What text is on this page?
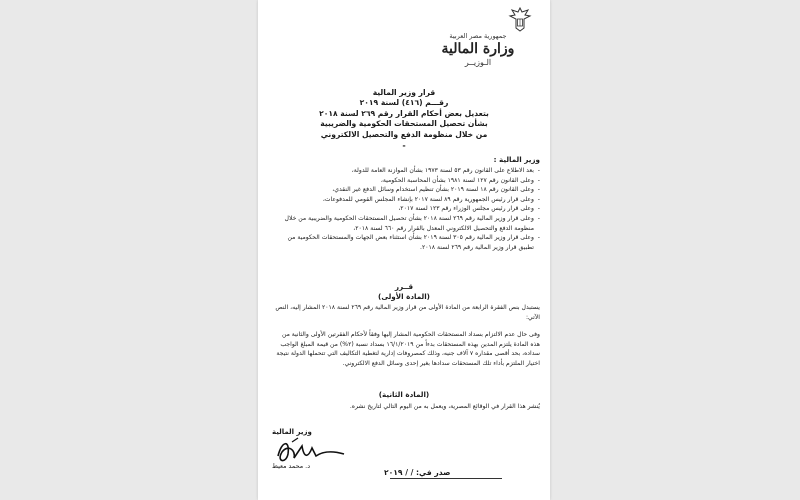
جمهورية مصر العربية
وزارة المالية
الـوزيــر
قرار وزير المالية
رقـــم (٤١٦) لسنة ٢٠١٩
بتعديل بعض أحكام القرار رقم ٢٦٩ لسنة ٢٠١٨
بشأن تحصيل المستحقات الحكومية والضريبية
من خلال منظومة الدفع والتحصيل الالكتروني
-
وزير المالية :
- بعد الاطلاع على القانون رقم ٥٣ لسنة ١٩٧٣ بشأن الموازنة العامة للدولة،
- وعلى القانون رقم ١٢٧ لسنة ١٩٨١ بشأن المحاسبة الحكومية،
- وعلى القانون رقم ١٨ لسنة ٢٠١٩ بشأن تنظيم استخدام وسائل الدفع غير النقدي،
- وعلى قرار رئيس الجمهورية رقم ٨٩ لسنة ٢٠١٧ بإنشاء المجلس القومي للمدفوعات،
- وعلى قرار رئيس مجلس الوزراء رقم ١٢٣ لسنة ٢٠١٧،
- وعلى قرار وزير المالية رقم ٢٦٩ لسنة ٢٠١٨ بشأن تحصيل المستحقات الحكومية والضريبية من خلال منظومة الدفع والتحصيل الالكتروني المعدل بالقرار رقم ٦٦٠ لسنة ٢٠١٨،
- وعلى قرار وزير المالية رقم ٣٠٥ لسنة ٢٠١٩ بشأن استثناء بعض الجهات والمستحقات الحكومية من تطبيق قرار وزير المالية رقم ٢٦٩ لسنة ٢٠١٨.
قــرر
(المادة الأولى)
يستبدل بنص الفقرة الرابعة من المادة الأولى من قرار وزير المالية رقم ٢٦٩ لسنة ٢٠١٨ المشار إليه، النص الآتي:
وفى حال عدم الالتزام بسداد المستحقات الحكومية المشار إليها وفقاً لأحكام الفقرتين الأولى والثانية من هذه المادة يلتزم المدين بهذه المستحقات بدءاً من ١٦/١/٢٠١٩ بسداد نسبة (٢%) من قيمة المبلغ الواجب سداده، بحد أقصى مقداره ٧ آلاف جنيه، وذلك كمصروفات إدارية لتغطية التكاليف التي تتحملها الدولة نتيجة اختيار الملتزم بأداء تلك المستحقات سدادها بغير إحدى وسائل الدفع الالكتروني.
(المادة الثانية)
يُنشر هذا القرار في الوقائع المصرية، ويعمل به من اليوم التالي لتاريخ نشره.
وزير المالية
د. محمد معيط
صدر في: / / ٢٠١٩
